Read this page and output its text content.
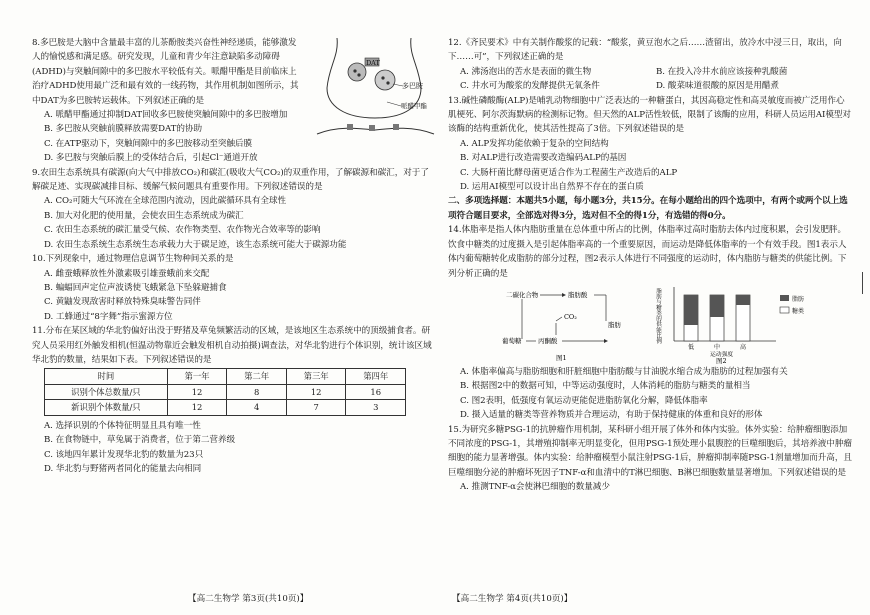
8.多巴胺是大脑中含量最丰富的儿茶酚胺类兴奋性神经递质，能够激发人的愉悦感和满足感。研究发现，儿童和青少年注意缺陷多动障碍(ADHD)与突触间隙中的多巴胺水平较低有关。哌醋甲酯是目前临床上治疗ADHD使用最广泛和最有效的一线药物，其作用机制如图所示，其中DAT为多巴胺转运载体。下列叙述正确的是

DAT
多巴胺
哌醋甲酯

A. 哌醋甲酯通过抑制DAT回收多巴胺使突触间隙中的多巴胺增加

B. 多巴胺从突触前膜释放需要DAT的协助

C. 在ATP驱动下，突触间隙中的多巴胺移动至突触后膜

D. 多巴胺与突触后膜上的受体结合后，引起Cl⁻通道开放

9.农田生态系统具有碳源(向大气中排放CO₂)和碳汇(吸收大气CO₂)的双重作用，了解碳源和碳汇，对于了解碳足迹、实现碳减排目标、缓解气候问题具有重要作用。下列叙述错误的是

A. CO₂可随大气环流在全球范围内流动，因此碳循环具有全球性

B. 加大对化肥的使用量，会使农田生态系统成为碳汇

C. 农田生态系统的碳汇量受气候、农作物类型、农作物光合效率等的影响

D. 农田生态系统生态系统生态承载力大于碳足迹，该生态系统可能大于碳源功能

10.下列现象中，通过物理信息调节生物种间关系的是

A. 雌蚕蛾释放性外激素吸引雄蚕蛾前来交配

B. 蝙蝠回声定位声波诱使飞蛾紧急下坠躲避捕食

C. 黄鼬发现敌害时释放特殊臭味警告同伴

D. 工蜂通过“8字舞”指示蜜源方位

11.分布在某区域的华北豹偏好出没于野猪及草兔频繁活动的区域，是该地区生态系统中的顶级捕食者。研究人员采用红外触发相机(恒温动物靠近会触发相机自动拍摄)调查法，对华北豹进行个体识别，统计该区域华北豹的数量，结果如下表。下列叙述错误的是

时间	第一年	第二年	第三年	第四年
识别个体总数量/只	12	8	12	16
新识别个体数量/只	12	4	7	3

A. 选择识别的个体特征明显且具有唯一性

B. 在食物链中，草兔属于消费者，位于第二营养级

C. 该地四年累计发现华北豹的数量为23只

D. 华北豹与野猪两者同化的能量去向相同

12.《齐民要术》中有关制作酸浆的记载：“酸浆，黄豆泡水之后……渣留出，放冷水中浸三日，取出，向下……可”，下列叙述正确的是

A. 沸汤泡出的苦水是表面的微生物	B. 在投入冷井水前应该接种乳酸菌

C. 井水可为酸浆的发酵提供无氧条件	D. 酸菜味道很酸的原因是用醋煮

13.碱性磷酸酶(ALP)是哺乳动物细胞中广泛表达的一种糖蛋白，其因高稳定性和高灵敏度而被广泛用作心肌梗死、阿尔茨海默病的检测标记物。但天然的ALP活性较低，限制了该酶的应用，科研人员运用AI模型对该酶的结构重新优化，使其活性提高了3倍。下列叙述错误的是

A. ALP发挥功能依赖于复杂的空间结构

B. 对ALP进行改造需要改造编码ALP的基因

C. 大肠杆菌比酵母菌更适合作为工程菌生产改造后的ALP

D. 运用AI模型可以设计出自然界不存在的蛋白质

二、多项选择题：本题共5小题，每小题3分，共15分。在每小题给出的四个选项中，有两个或两个以上选项符合题目要求，全部选对得3分，选对但不全的得1分，有选错的得0分。

14.体脂率是指人体内脂肪重量在总体重中所占的比例，体脂率过高时脂肪去体内过度积累，会引发肥胖。饮食中糖类的过度摄入是引起体脂率高的一个重要原因，而运动是降低体脂率的一个有效手段。图1表示人体内葡萄糖转化成脂肪的部分过程，图2表示人体进行不同强度的运动时，体内脂肪与糖类的供能比例。下列分析正确的是

二碳化合物	脂肪酸
CO₂
脂肪
葡萄糖	丙酮酸
图1
脂肪与糖类的供能比例
低	中	高
运动强度
脂肪
糖类
图2

A. 体脂率偏高与脂肪细胞和肝脏细胞中脂肪酸与甘油脱水缩合成为脂肪的过程加强有关

B. 根据图2中的数据可知，中等运动强度时，人体消耗的脂肪与糖类的量相当

C. 图2表明，低强度有氧运动更能促进脂肪氧化分解，降低体脂率

D. 摄入适量的糖类等营养物质并合理运动，有助于保持健康的体重和良好的形体

15.为研究多糖PSG-1的抗肿瘤作用机制，某科研小组开展了体外和体内实验。体外实验：给肿瘤细胞添加不同浓度的PSG-1，其增殖抑制率无明显变化，但用PSG-1预处理小鼠腹腔的巨噬细胞后，其培养液中肿瘤细胞的能力显著增强。体内实验：给肿瘤模型小鼠注射PSG-1后，肿瘤抑制率随PSG-1剂量增加而升高，且巨噬细胞分泌的肿瘤坏死因子TNF-α和血清中的T淋巴细胞、B淋巴细胞数量显著增加。下列叙述错误的是

A. 推测TNF-α会使淋巴细胞的数量减少

【高二生物学 第3页(共10页)】	【高二生物学 第4页(共10页)】
